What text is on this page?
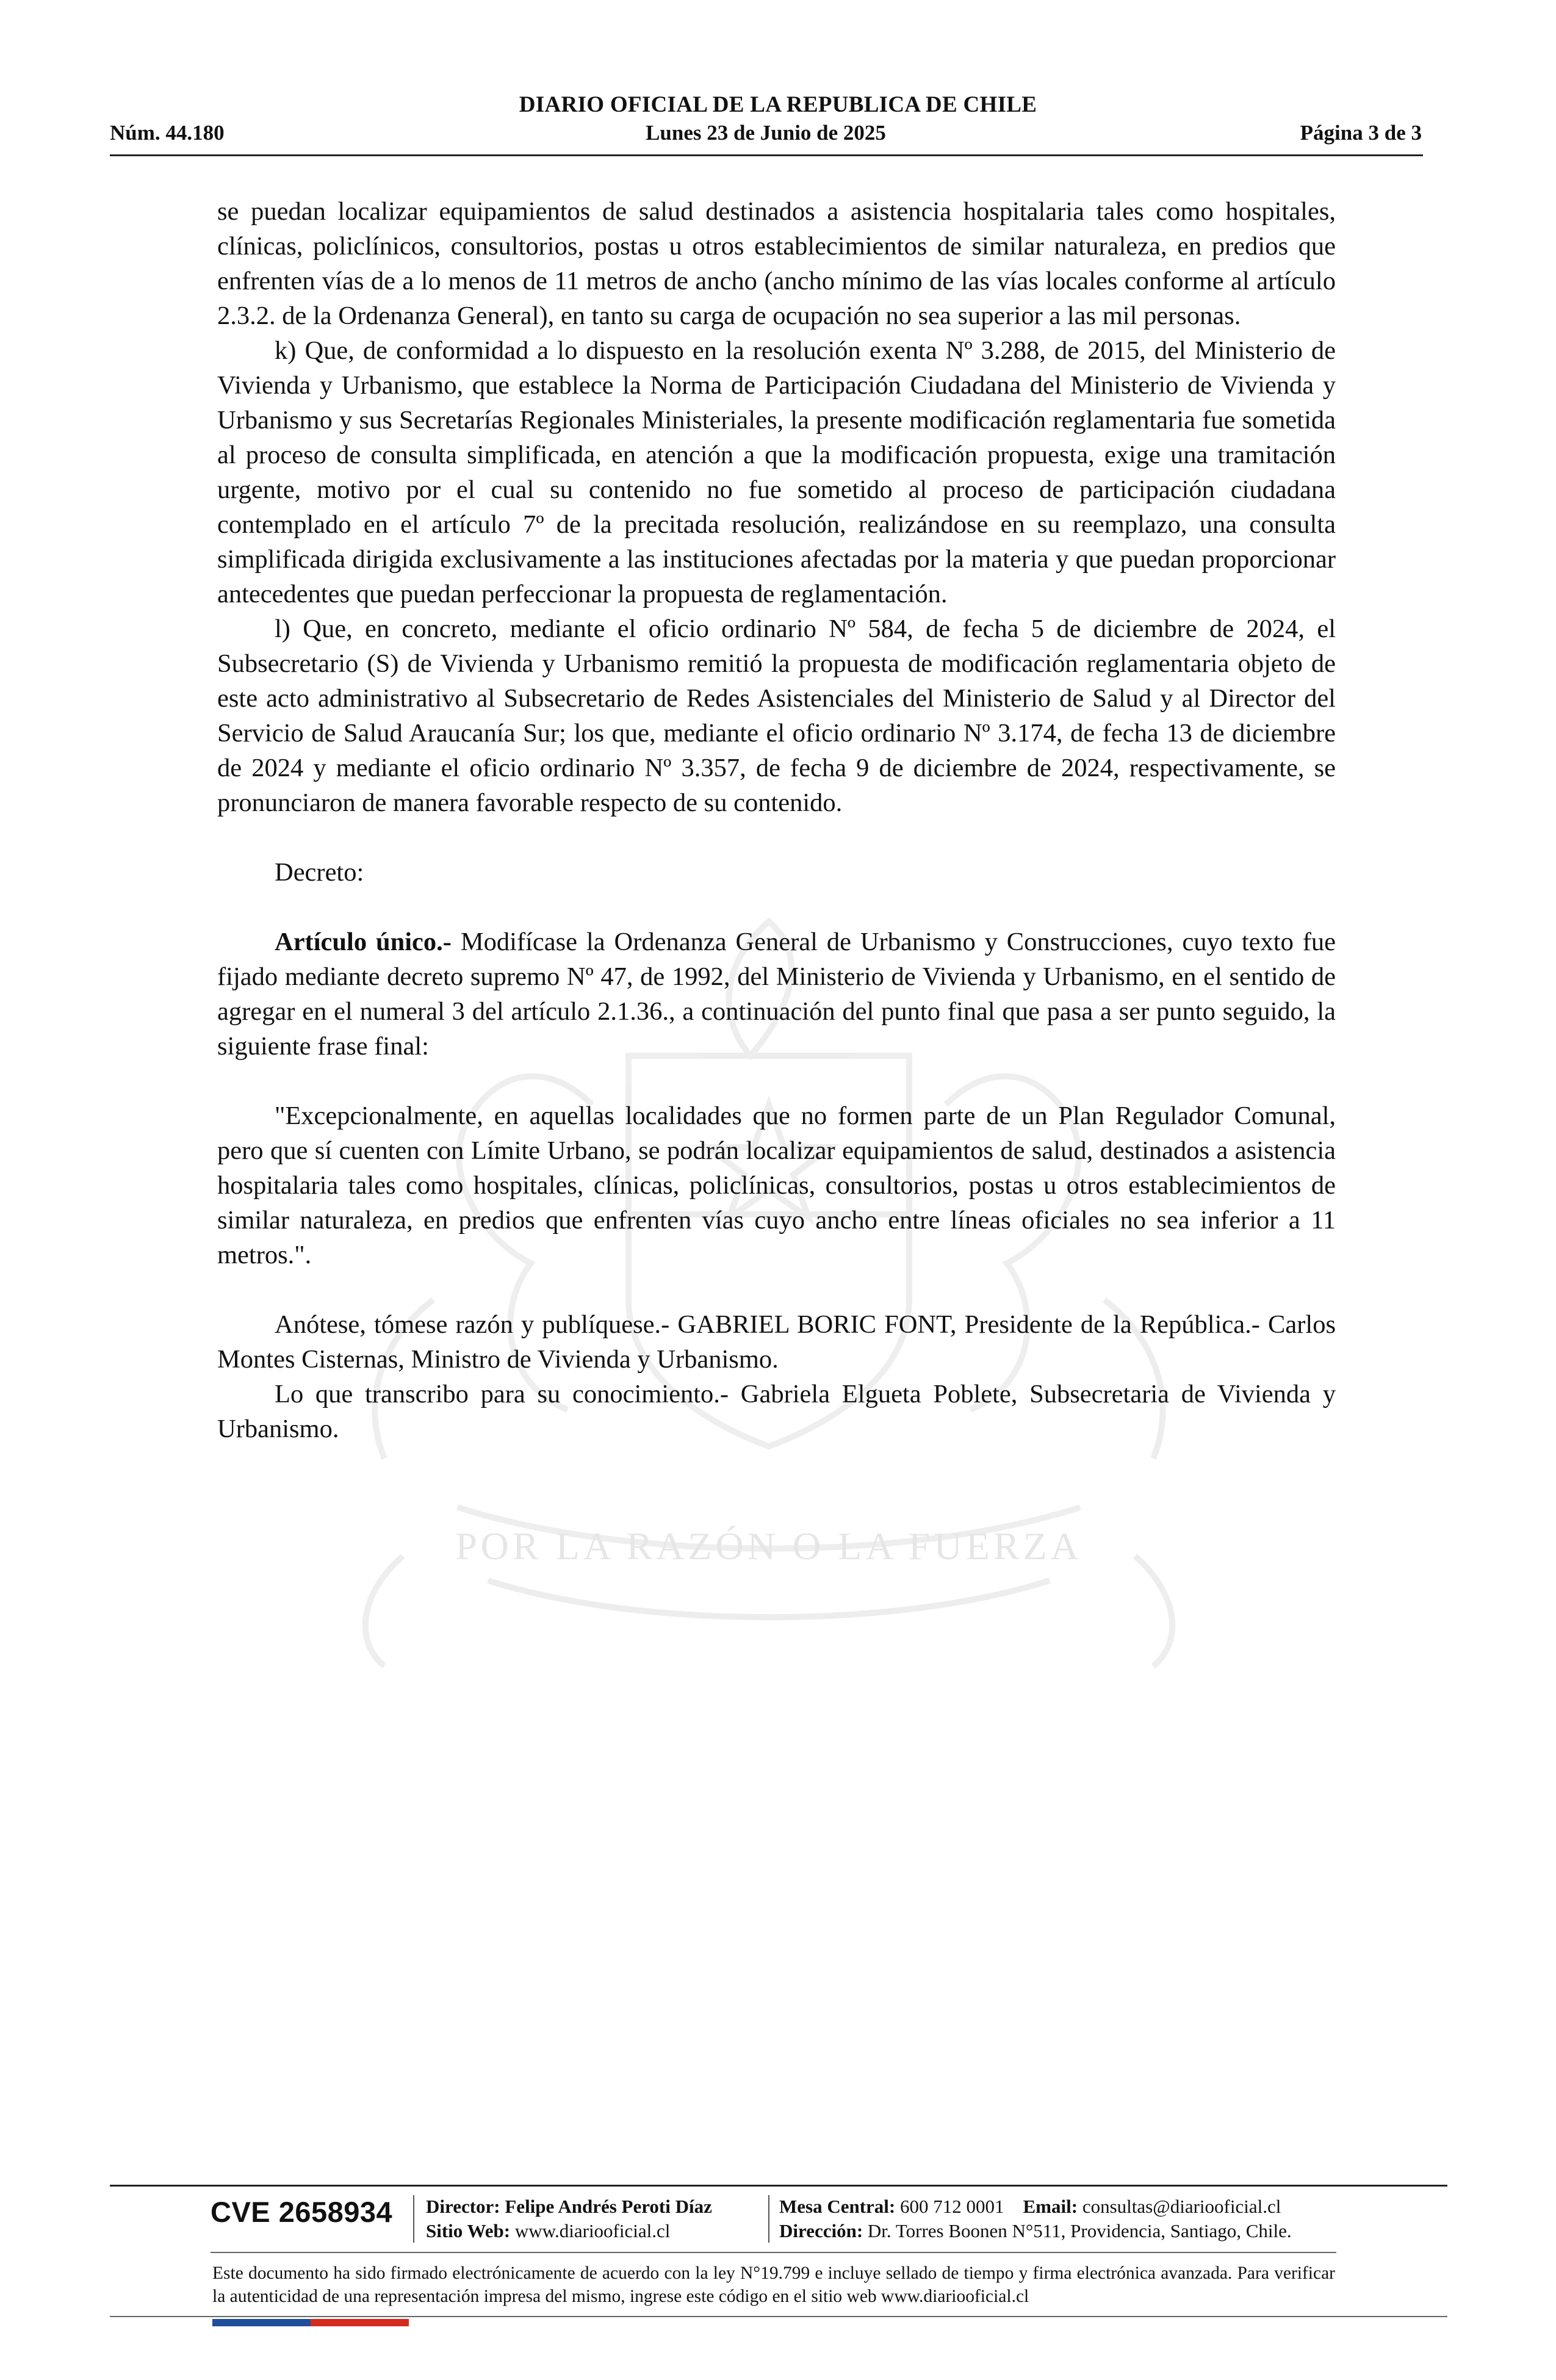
POR LA RAZÓN O LA FUERZA
DIARIO OFICIAL DE LA REPUBLICA DE CHILE
Núm. 44.180	Lunes 23 de Junio de 2025	Página 3 de 3

se puedan localizar equipamientos de salud destinados a asistencia hospitalaria tales como hospitales, clínicas, policlínicos, consultorios, postas u otros establecimientos de similar naturaleza, en predios que enfrenten vías de a lo menos de 11 metros de ancho (ancho mínimo de las vías locales conforme al artículo 2.3.2. de la Ordenanza General), en tanto su carga de ocupación no sea superior a las mil personas.

k) Que, de conformidad a lo dispuesto en la resolución exenta Nº 3.288, de 2015, del Ministerio de Vivienda y Urbanismo, que establece la Norma de Participación Ciudadana del Ministerio de Vivienda y Urbanismo y sus Secretarías Regionales Ministeriales, la presente modificación reglamentaria fue sometida al proceso de consulta simplificada, en atención a que la modificación propuesta, exige una tramitación urgente, motivo por el cual su contenido no fue sometido al proceso de participación ciudadana contemplado en el artículo 7º de la precitada resolución, realizándose en su reemplazo, una consulta simplificada dirigida exclusivamente a las instituciones afectadas por la materia y que puedan proporcionar antecedentes que puedan perfeccionar la propuesta de reglamentación.

l) Que, en concreto, mediante el oficio ordinario Nº 584, de fecha 5 de diciembre de 2024, el Subsecretario (S) de Vivienda y Urbanismo remitió la propuesta de modificación reglamentaria objeto de este acto administrativo al Subsecretario de Redes Asistenciales del Ministerio de Salud y al Director del Servicio de Salud Araucanía Sur; los que, mediante el oficio ordinario Nº 3.174, de fecha 13 de diciembre de 2024 y mediante el oficio ordinario Nº 3.357, de fecha 9 de diciembre de 2024, respectivamente, se pronunciaron de manera favorable respecto de su contenido.

Decreto:

Artículo único.- Modifícase la Ordenanza General de Urbanismo y Construcciones, cuyo texto fue fijado mediante decreto supremo Nº 47, de 1992, del Ministerio de Vivienda y Urbanismo, en el sentido de agregar en el numeral 3 del artículo 2.1.36., a continuación del punto final que pasa a ser punto seguido, la siguiente frase final:

"Excepcionalmente, en aquellas localidades que no formen parte de un Plan Regulador Comunal, pero que sí cuenten con Límite Urbano, se podrán localizar equipamientos de salud, destinados a asistencia hospitalaria tales como hospitales, clínicas, policlínicas, consultorios, postas u otros establecimientos de similar naturaleza, en predios que enfrenten vías cuyo ancho entre líneas oficiales no sea inferior a 11 metros.".

Anótese, tómese razón y publíquese.- GABRIEL BORIC FONT, Presidente de la República.- Carlos Montes Cisternas, Ministro de Vivienda y Urbanismo.

Lo que transcribo para su conocimiento.- Gabriela Elgueta Poblete, Subsecretaria de Vivienda y Urbanismo.

CVE 2658934 Director: Felipe Andrés Peroti Díaz
Sitio Web: www.diariooficial.cl
Mesa Central: 600 712 0001 Email: consultas@diariooficial.cl
Dirección: Dr. Torres Boonen N°511, Providencia, Santiago, Chile.
Este documento ha sido firmado electrónicamente de acuerdo con la ley N°19.799 e incluye sellado de tiempo y firma electrónica avanzada. Para verificar la autenticidad de una representación impresa del mismo, ingrese este código en el sitio web www.diariooficial.cl
